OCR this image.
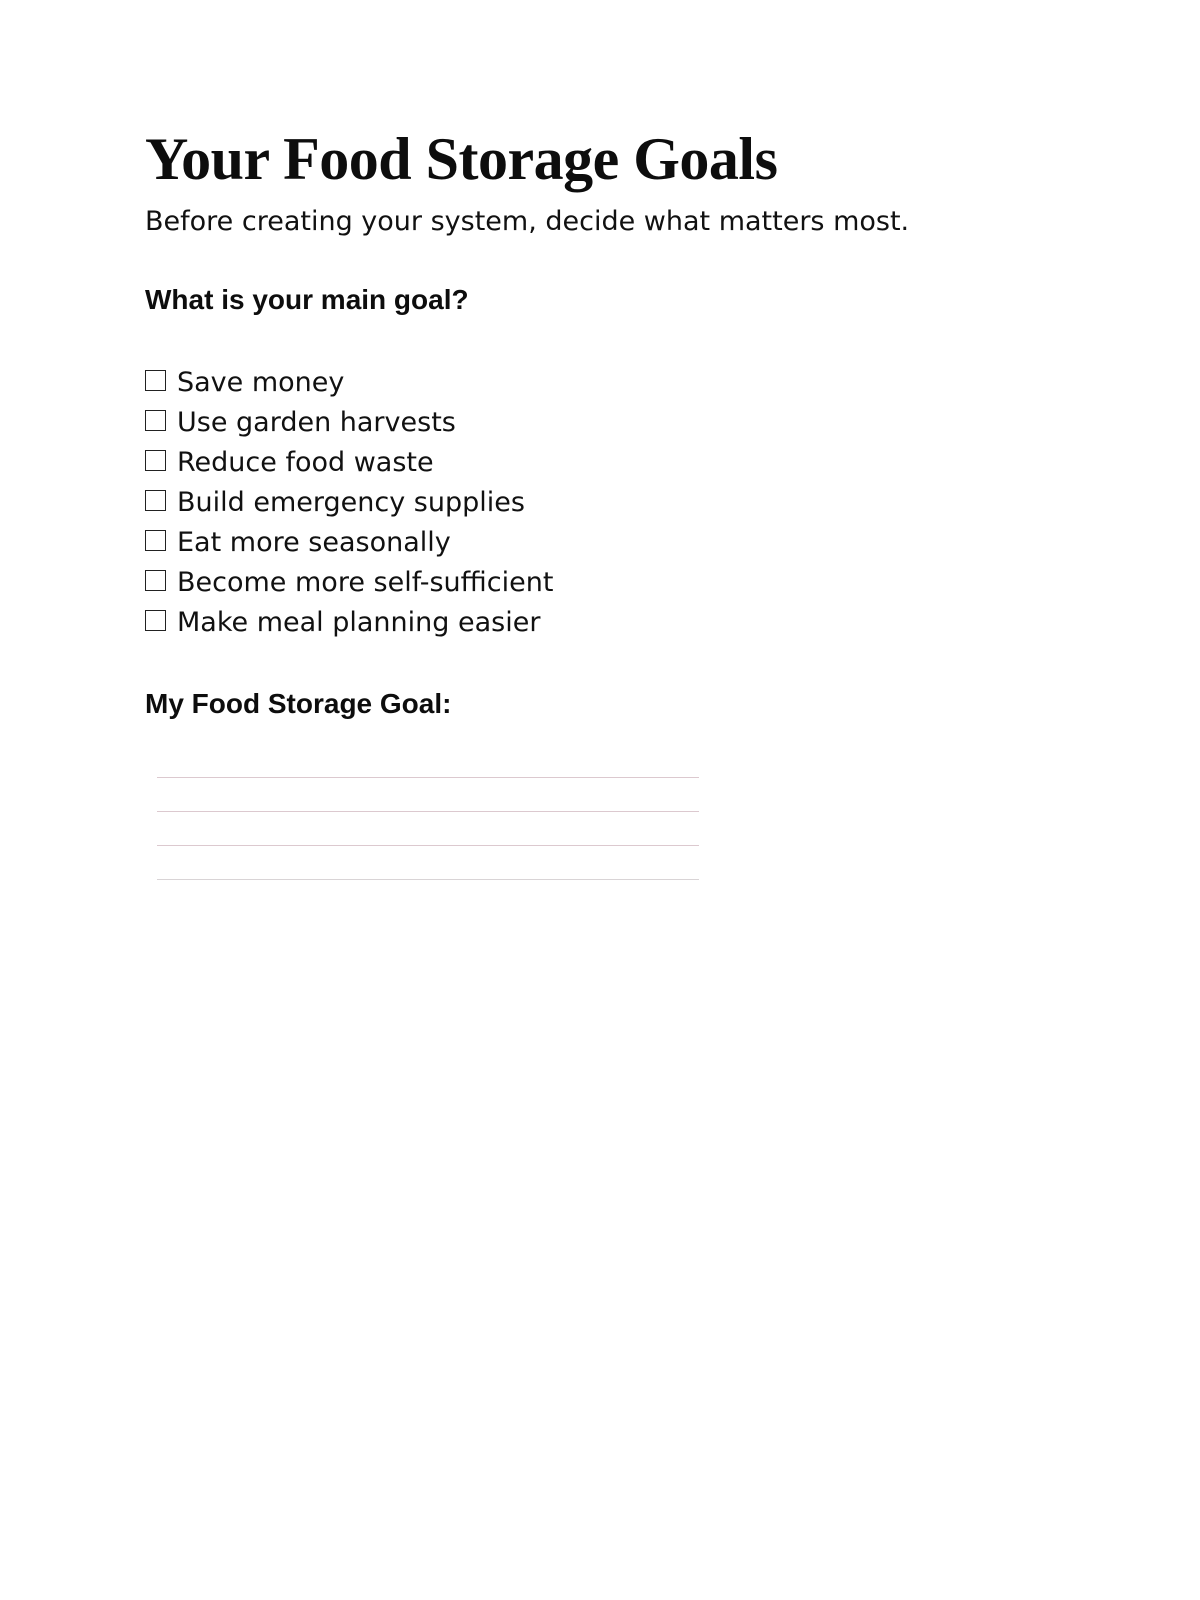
Your Food Storage Goals

Before creating your system, decide what matters most.

What is your main goal?
Save money
Use garden harvests
Reduce food waste
Build emergency supplies
Eat more seasonally
Become more self-sufficient
Make meal planning easier
My Food Storage Goal:
